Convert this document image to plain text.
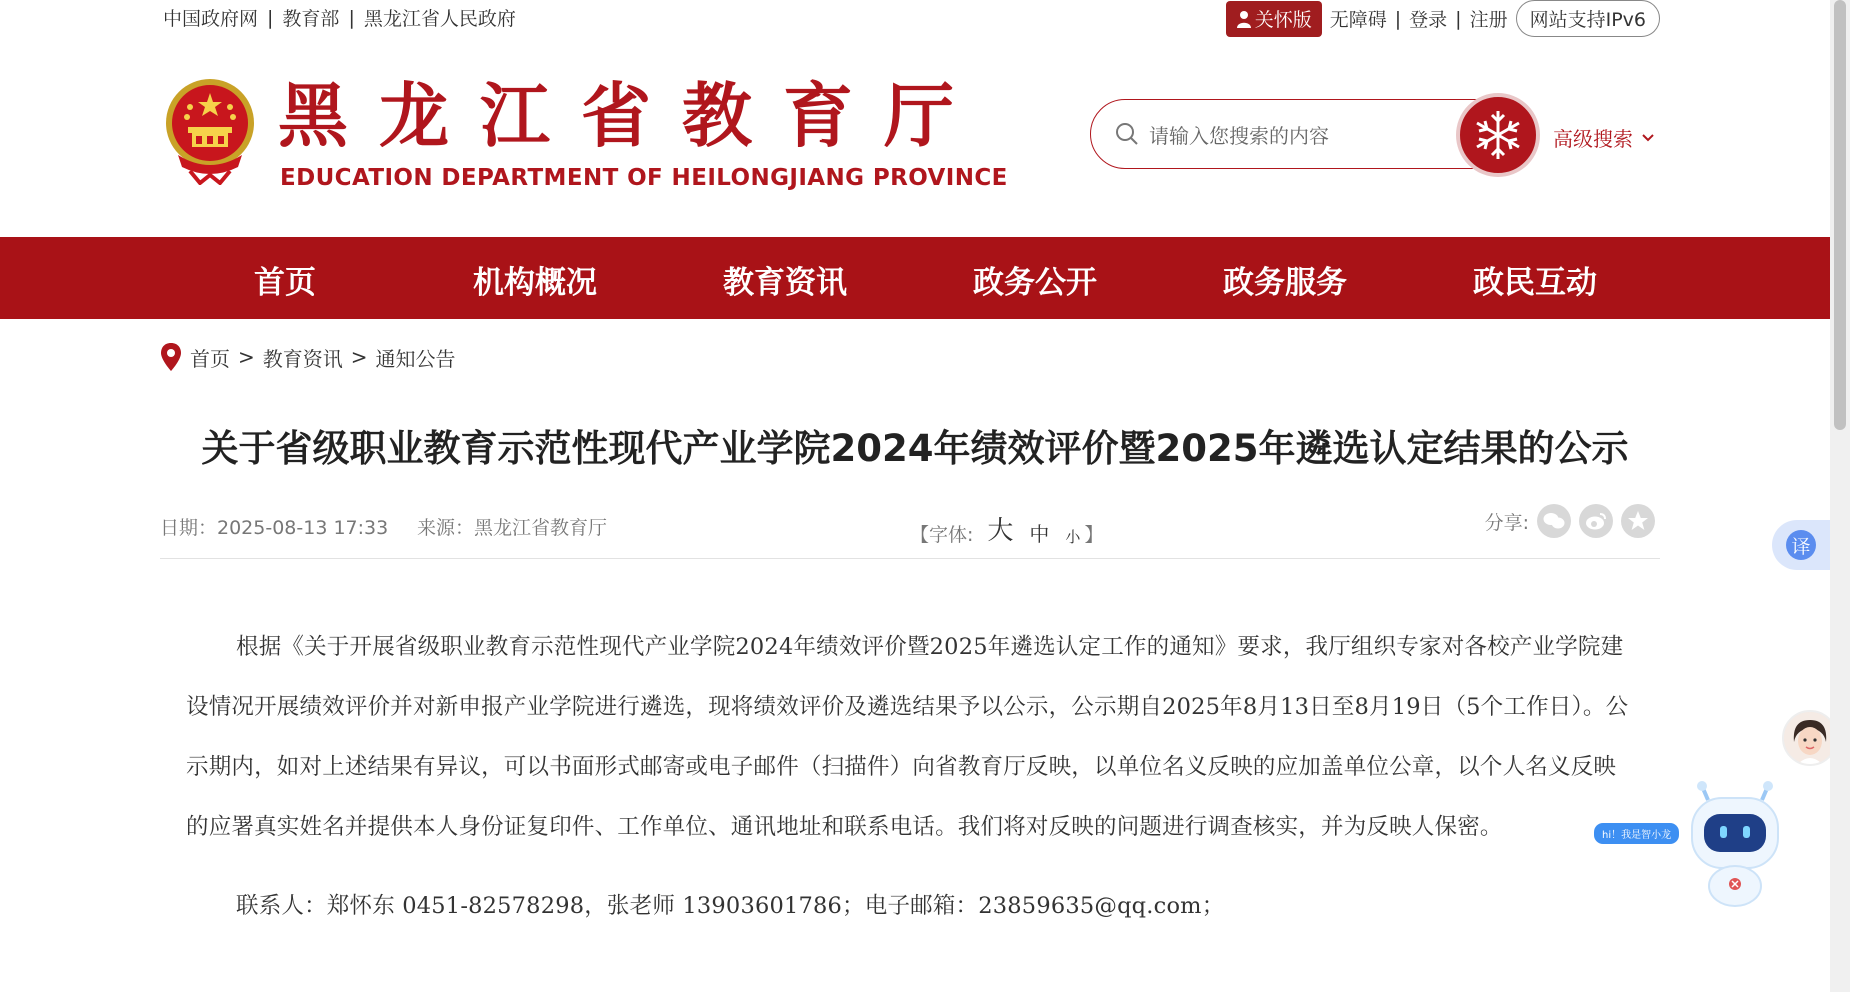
中国政府网 | 教育部 | 黑龙江省人民政府	关怀版 无障碍 | 登录 | 注册	网站支持IPv6
黑龙江省教育厅
EDUCATION DEPARTMENT OF HEILONGJIANG PROVINCE
请输入您搜索的内容
高级搜索
首页	机构概况	教育资讯	政务公开	政务服务	政民互动
首页 > 教育资讯 > 通知公告
关于省级职业教育示范性现代产业学院2024年绩效评价暨2025年遴选认定结果的公示
日期：2025-08-13 17:33 来源：黑龙江省教育厅	【字体: 大 中 小 】
分享:

根据《关于开展省级职业教育示范性现代产业学院2024年绩效评价暨2025年遴选认定工作的通知》要求，我厅组织专家对各校产业学院建设情况开展绩效评价并对新申报产业学院进行遴选，现将绩效评价及遴选结果予以公示，公示期自2025年8月13日至8月19日（5个工作日）。公示期内，如对上述结果有异议，可以书面形式邮寄或电子邮件（扫描件）向省教育厅反映，以单位名义反映的应加盖单位公章，以个人名义反映的应署真实姓名并提供本人身份证复印件、工作单位、通讯地址和联系电话。我们将对反映的问题进行调查核实，并为反映人保密。

联系人：郑怀东 0451-82578298，张老师 13903601786；电子邮箱：23859635@qq.com；

译
hi！我是智小龙
